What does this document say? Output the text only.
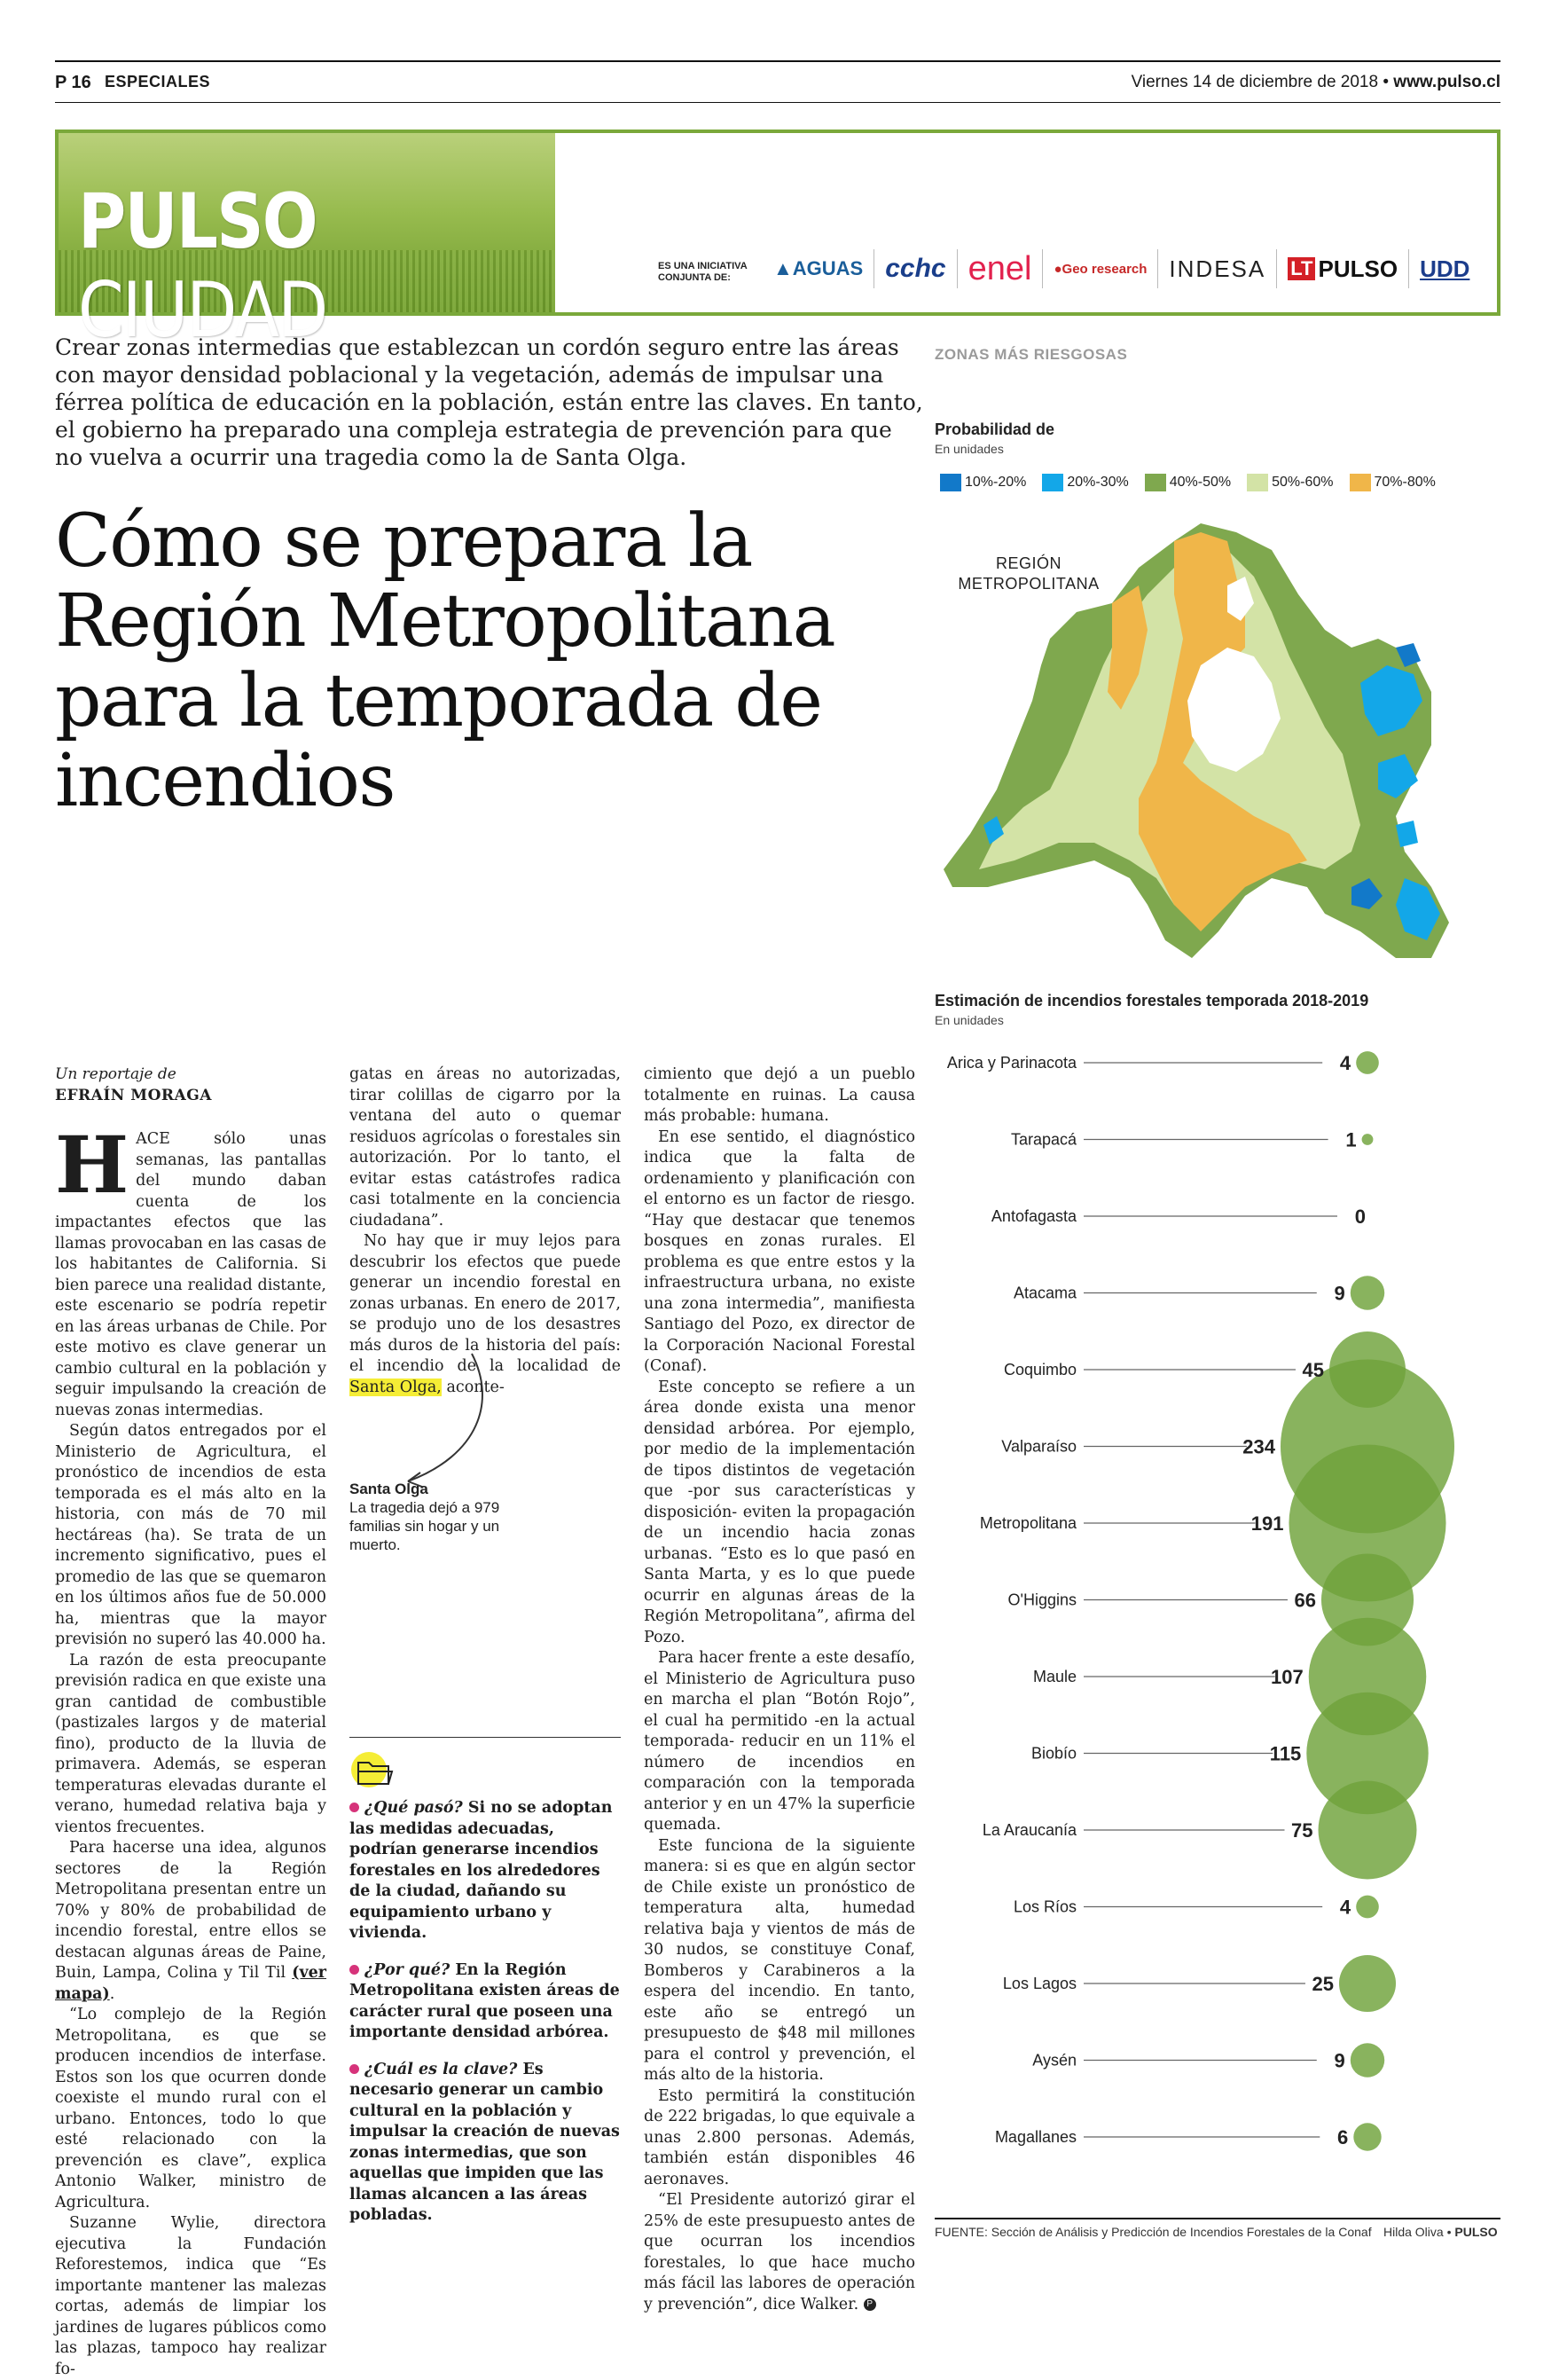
P 16 ESPECIALES	Viernes 14 de diciembre de 2018 • www.pulso.cl
PULSO CIUDAD	ES UNA INICIATIVA
CONJUNTA DE:	▲ AGUAS cchc enel	● Geo research INDESA	LT PULSO UDD
Crear zonas intermedias que establezcan un cordón seguro entre las áreas con mayor densidad poblacional y la vegetación, además de impulsar una férrea política de educación en la población, están entre las claves. En tanto, el gobierno ha preparado una compleja estrategia de prevención para que no vuelva a ocurrir una tragedia como la de Santa Olga.
Cómo se prepara la Región Metropolitana para la temporada de incendios
Un reportaje de
EFRAÍN MORAGA

HACE sólo unas semanas, las pantallas del mundo daban cuenta de los impactantes efectos que las llamas provocaban en las casas de los habitantes de California. Si bien parece una realidad distante, este escenario se podría repetir en las áreas urbanas de Chile. Por este motivo es clave generar un cambio cultural en la población y seguir impulsando la creación de nuevas zonas intermedias.

Según datos entregados por el Ministerio de Agricultura, el pronóstico de incendios de esta temporada es el más alto en la historia, con más de 70 mil hectáreas (ha). Se trata de un incremento significativo, pues el promedio de las que se quemaron en los últimos años fue de 50.000 ha, mientras que la mayor previsión no superó las 40.000 ha.

La razón de esta preocupante previsión radica en que existe una gran cantidad de combustible (pastizales largos y de material fino), producto de la lluvia de primavera. Además, se esperan temperaturas elevadas durante el verano, humedad relativa baja y vientos frecuentes.

Para hacerse una idea, algunos sectores de la Región Metropolitana presentan entre un 70% y 80% de probabilidad de incendio forestal, entre ellos se destacan algunas áreas de Paine, Buin, Lampa, Colina y Til Til (ver mapa).

“Lo complejo de la Región Metropolitana, es que se producen incendios de interfase. Estos son los que ocurren donde coexiste el mundo rural con el urbano. Entonces, todo lo que esté relacionado con la prevención es clave”, explica Antonio Walker, ministro de Agricultura.

Suzanne Wylie, directora ejecutiva la Fundación Reforestemos, indica que “Es importante mantener las malezas cortas, además de limpiar los jardines de lugares públicos como las plazas, tampoco hay realizar fo-

gatas en áreas no autorizadas, tirar colillas de cigarro por la ventana del auto o quemar residuos agrícolas o forestales sin autorización. Por lo tanto, el evitar estas catástrofes radica casi totalmente en la conciencia ciudadana”.

No hay que ir muy lejos para descubrir los efectos que puede generar un incendio forestal en zonas urbanas. En enero de 2017, se produjo uno de los desastres más duros de la historia del país: el incendio de la localidad de Santa Olga, aconte-

Santa Olga
La tragedia dejó a 979 familias sin hogar y un muerto.

¿Qué pasó? Si no se adoptan las medidas adecuadas, podrían generarse incendios forestales en los alrededores de la ciudad, dañando su equipamiento urbano y vivienda.

¿Por qué? En la Región Metropolitana existen áreas de carácter rural que poseen una importante densidad arbórea.

¿Cuál es la clave? Es necesario generar un cambio cultural en la población y impulsar la creación de nuevas zonas intermedias, que son aquellas que impiden que las llamas alcancen a las áreas pobladas.

cimiento que dejó a un pueblo totalmente en ruinas. La causa más probable: humana.

En ese sentido, el diagnóstico indica que la falta de ordenamiento y planificación con el entorno es un factor de riesgo. “Hay que destacar que tenemos bosques en zonas rurales. El problema es que entre estos y la infraestructura urbana, no existe una zona intermedia”, manifiesta Santiago del Pozo, ex director de la Corporación Nacional Forestal (Conaf).

Este concepto se refiere a un área donde exista una menor densidad arbórea. Por ejemplo, por medio de la implementación de tipos distintos de vegetación que -por sus características y disposición- eviten la propagación de un incendio hacia zonas urbanas. “Esto es lo que pasó en Santa Marta, y es lo que puede ocurrir en algunas áreas de la Región Metropolitana”, afirma del Pozo.

Para hacer frente a este desafío, el Ministerio de Agricultura puso en marcha el plan “Botón Rojo”, el cual ha permitido -en la actual temporada- reducir en un 11% el número de incendios en comparación con la temporada anterior y en un 47% la superficie quemada.

Este funciona de la siguiente manera: si es que en algún sector de Chile existe un pronóstico de temperatura alta, humedad relativa baja y vientos de más de 30 nudos, se constituye Conaf, Bomberos y Carabineros a la espera del incendio. En tanto, este año se entregó un presupuesto de $48 mil millones para el control y prevención, el más alto de la historia.

Esto permitirá la constitución de 222 brigadas, lo que equivale a unas 2.800 personas. Además, también están disponibles 46 aeronaves.

“El Presidente autorizó girar el 25% de este presupuesto antes de que ocurran los incendios forestales, lo que hace mucho más fácil las labores de operación y prevención”, dice Walker. P

ZONAS MÁS RIESGOSAS
Probabilidad de
En unidades
10%-20%	20%-30%	40%-50%	50%-60%	70%-80%
REGIÓN
METROPOLITANA
Estimación de incendios forestales temporada 2018-2019
En unidades
Arica y Parinacota	4
Tarapacá	1
Antofagasta	0
Atacama	9
Coquimbo	45
Valparaíso	234
Metropolitana	191
O'Higgins	66
Maule	107
Biobío	115
La Araucanía	75
Los Ríos	4
Los Lagos	25
Aysén	9
Magallanes	6
FUENTE: Sección de Análisis y Predicción de Incendios Forestales de la Conaf Hilda Oliva • PULSO
